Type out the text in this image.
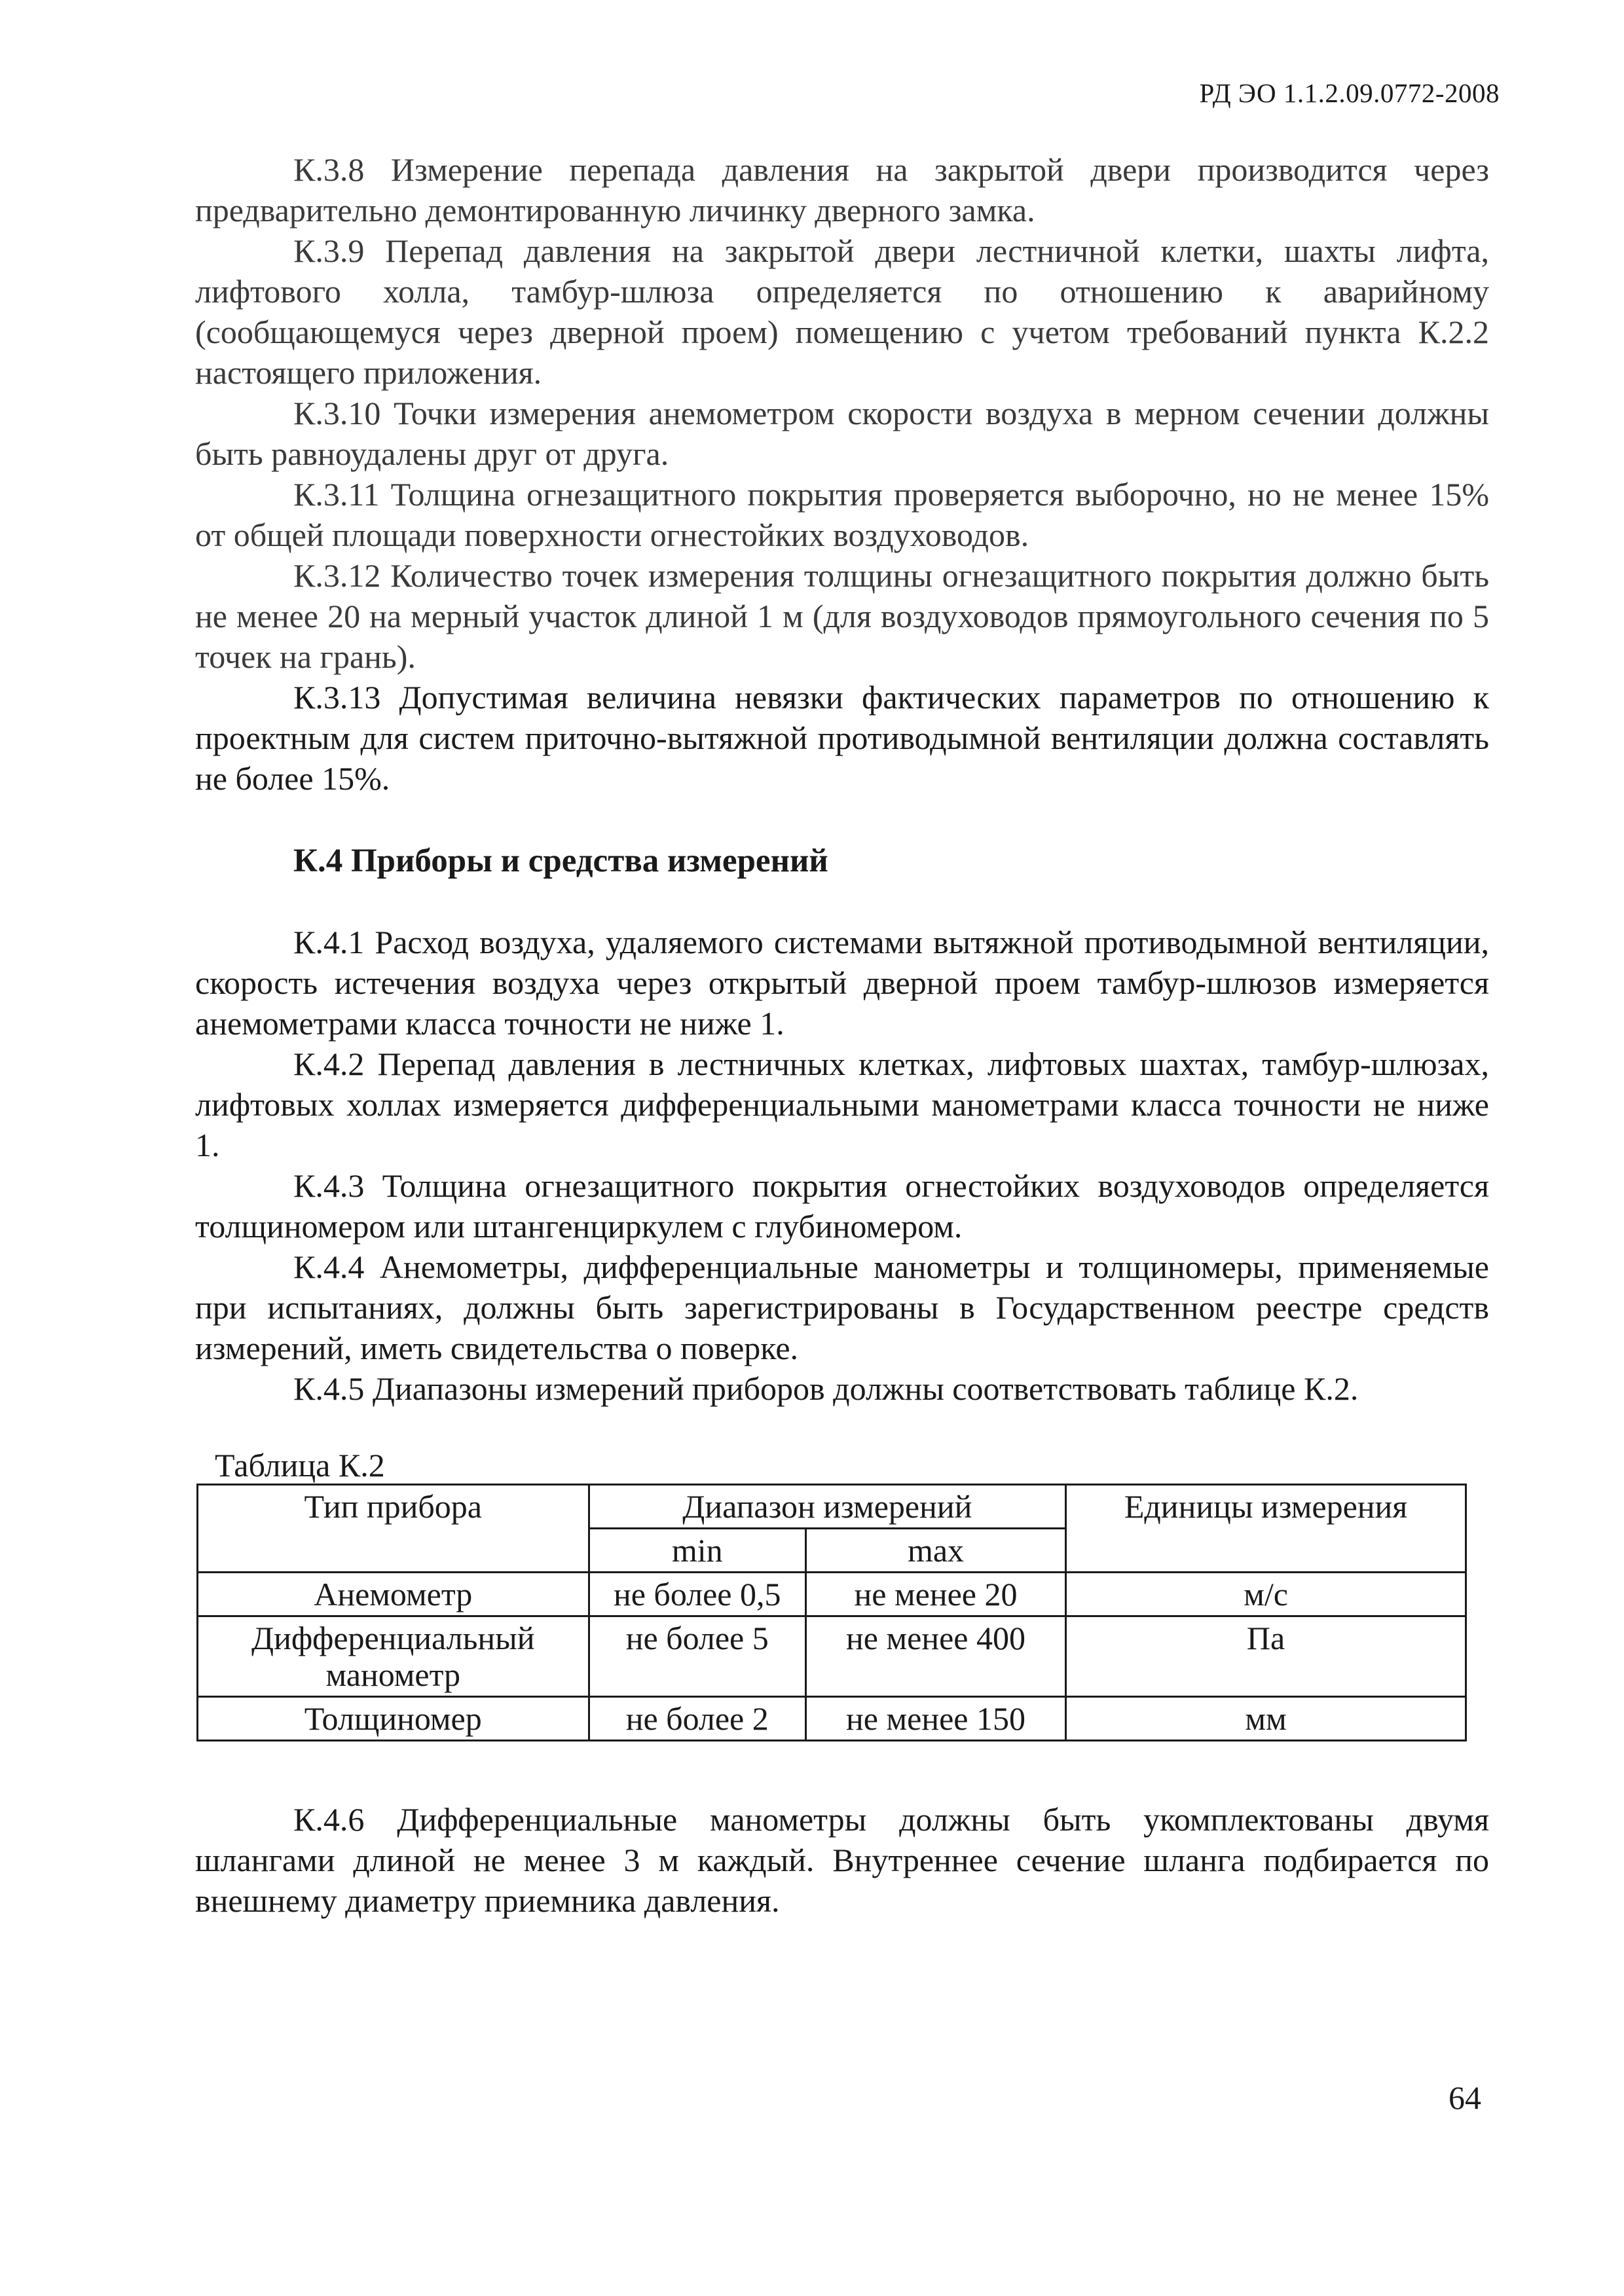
РД ЭО 1.1.2.09.0772-2008

К.3.8 Измерение перепада давления на закрытой двери производится через предварительно демонтированную личинку дверного замка.

К.3.9 Перепад давления на закрытой двери лестничной клетки, шахты лифта, лифтового холла, тамбур-шлюза определяется по отношению к аварийному (сообщающемуся через дверной проем) помещению с учетом требований пункта К.2.2 настоящего приложения.

К.3.10 Точки измерения анемометром скорости воздуха в мерном сечении должны быть равноудалены друг от друга.

К.3.11 Толщина огнезащитного покрытия проверяется выборочно, но не менее 15% от общей площади поверхности огнестойких воздуховодов.

К.3.12 Количество точек измерения толщины огнезащитного покрытия должно быть не менее 20 на мерный участок длиной 1 м (для воздуховодов прямоугольного сечения по 5 точек на грань).

К.3.13 Допустимая величина невязки фактических параметров по отношению к проектным для систем приточно-вытяжной противодымной вентиляции должна составлять не более 15%.

К.4 Приборы и средства измерений

К.4.1 Расход воздуха, удаляемого системами вытяжной противодымной вентиляции, скорость истечения воздуха через открытый дверной проем тамбур-шлюзов измеряется анемометрами класса точности не ниже 1.

К.4.2 Перепад давления в лестничных клетках, лифтовых шахтах, тамбур-шлюзах, лифтовых холлах измеряется дифференциальными манометрами класса точности не ниже 1.

К.4.3 Толщина огнезащитного покрытия огнестойких воздуховодов определяется толщиномером или штангенциркулем с глубиномером.

К.4.4 Анемометры, дифференциальные манометры и толщиномеры, применяемые при испытаниях, должны быть зарегистрированы в Государственном реестре средств измерений, иметь свидетельства о поверке.

К.4.5 Диапазоны измерений приборов должны соответствовать таблице К.2.

Таблица К.2
Тип прибора	Диапазон измерений		Единицы измерения
	min	max	
Анемометр	не более 0,5	не менее 20	м/с
Дифференциальный манометр	не более 5	не менее 400	Па
Толщиномер	не более 2	не менее 150	мм

К.4.6 Дифференциальные манометры должны быть укомплектованы двумя шлангами длиной не менее 3 м каждый. Внутреннее сечение шланга подбирается по внешнему диаметру приемника давления.

64
